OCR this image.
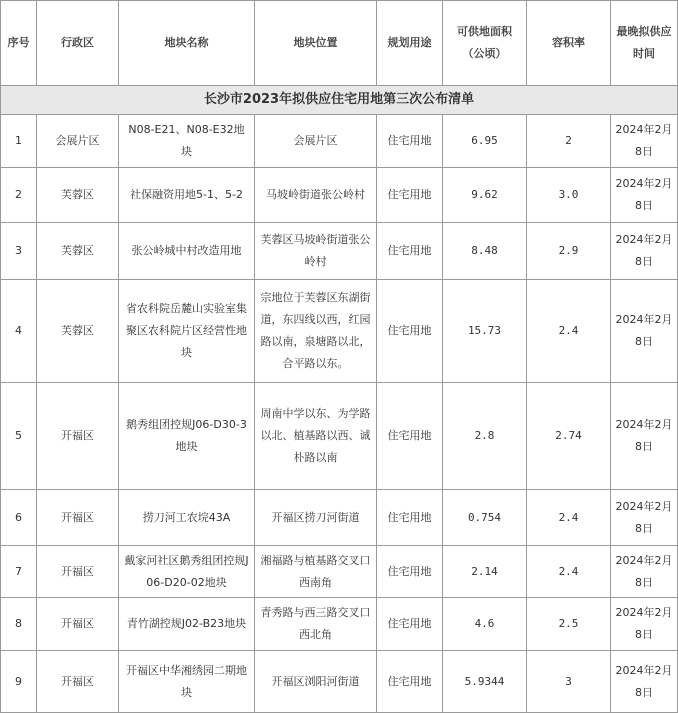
长沙市2023年拟供应住宅用地第三次公布清单							
序号	行政区	地块名称	地块位置	规划用途	可供地面积（公顷）	容积率	最晚拟供应时间
1	会展片区	N08-E21、N08-E32地块	会展片区	住宅用地	6.95	2	2024年2月8日
2	芙蓉区	社保融资用地5-1、5-2	马坡岭街道张公岭村	住宅用地	9.62	3.0	2024年2月8日
3	芙蓉区	张公岭城中村改造用地	芙蓉区马坡岭街道张公岭村	住宅用地	8.48	2.9	2024年2月8日
4	芙蓉区	省农科院岳麓山实验室集聚区农科院片区经营性地块	宗地位于芙蓉区东湖街道，东四线以西，红园路以南，泉塘路以北，合平路以东。	住宅用地	15.73	2.4	2024年2月8日
5	开福区	鹅秀组团控规J06-D30-3地块	周南中学以东、为学路以北、植基路以西、诚朴路以南	住宅用地	2.8	2.74	2024年2月8日
6	开福区	捞刀河工农垸43A	开福区捞刀河街道	住宅用地	0.754	2.4	2024年2月8日
7	开福区	戴家河社区鹅秀组团控规J06-D20-02地块	湘福路与植基路交叉口西南角	住宅用地	2.14	2.4	2024年2月8日
8	开福区	青竹湖控规J02-B23地块	青秀路与西三路交叉口西北角	住宅用地	4.6	2.5	2024年2月8日
9	开福区	开福区中华湘绣园二期地块	开福区浏阳河街道	住宅用地	5.9344	3	2024年2月8日
